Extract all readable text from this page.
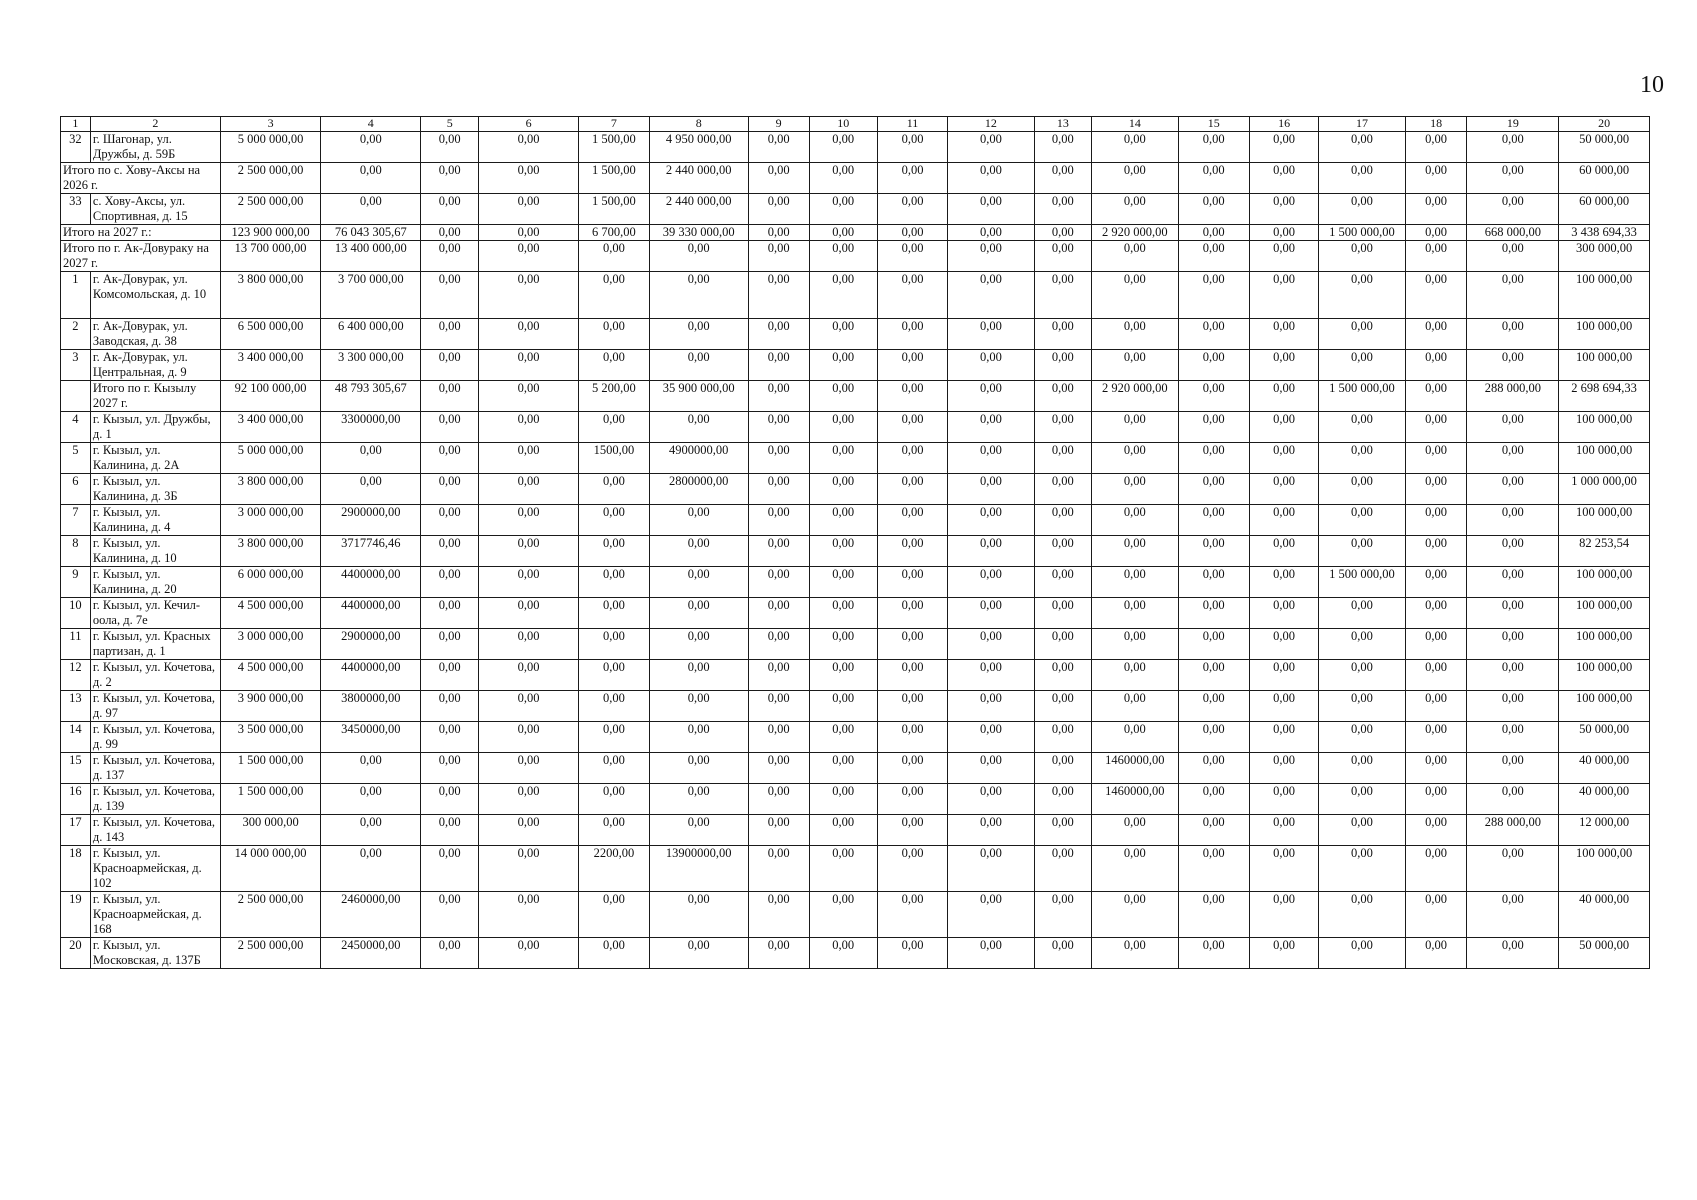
10
1	2	3	4	5	6	7	8	9	10	11	12	13	14	15	16	17	18	19	20
32	г. Шагонар, ул. Дружбы, д. 59Б	5 000 000,00	0,00	0,00	0,00	1 500,00	4 950 000,00	0,00	0,00	0,00	0,00	0,00	0,00	0,00	0,00	0,00	0,00	0,00	50 000,00
Итого по с. Хову-Аксы на 2026 г.		2 500 000,00	0,00	0,00	0,00	1 500,00	2 440 000,00	0,00	0,00	0,00	0,00	0,00	0,00	0,00	0,00	0,00	0,00	0,00	60 000,00
33	с. Хову-Аксы, ул. Спортивная, д. 15	2 500 000,00	0,00	0,00	0,00	1 500,00	2 440 000,00	0,00	0,00	0,00	0,00	0,00	0,00	0,00	0,00	0,00	0,00	0,00	60 000,00
Итого на 2027 г.:		123 900 000,00	76 043 305,67	0,00	0,00	6 700,00	39 330 000,00	0,00	0,00	0,00	0,00	0,00	2 920 000,00	0,00	0,00	1 500 000,00	0,00	668 000,00	3 438 694,33
Итого по г. Ак-Довураку на 2027 г.		13 700 000,00	13 400 000,00	0,00	0,00	0,00	0,00	0,00	0,00	0,00	0,00	0,00	0,00	0,00	0,00	0,00	0,00	0,00	300 000,00
1	г. Ак-Довурак, ул. Комсомольская, д. 10	3 800 000,00	3 700 000,00	0,00	0,00	0,00	0,00	0,00	0,00	0,00	0,00	0,00	0,00	0,00	0,00	0,00	0,00	0,00	100 000,00
2	г. Ак-Довурак, ул. Заводская, д. 38	6 500 000,00	6 400 000,00	0,00	0,00	0,00	0,00	0,00	0,00	0,00	0,00	0,00	0,00	0,00	0,00	0,00	0,00	0,00	100 000,00
3	г. Ак-Довурак, ул. Центральная, д. 9	3 400 000,00	3 300 000,00	0,00	0,00	0,00	0,00	0,00	0,00	0,00	0,00	0,00	0,00	0,00	0,00	0,00	0,00	0,00	100 000,00
	Итого по г. Кызылу 2027 г.	92 100 000,00	48 793 305,67	0,00	0,00	5 200,00	35 900 000,00	0,00	0,00	0,00	0,00	0,00	2 920 000,00	0,00	0,00	1 500 000,00	0,00	288 000,00	2 698 694,33
4	г. Кызыл, ул. Дружбы, д. 1	3 400 000,00	3300000,00	0,00	0,00	0,00	0,00	0,00	0,00	0,00	0,00	0,00	0,00	0,00	0,00	0,00	0,00	0,00	100 000,00
5	г. Кызыл, ул. Калинина, д. 2А	5 000 000,00	0,00	0,00	0,00	1500,00	4900000,00	0,00	0,00	0,00	0,00	0,00	0,00	0,00	0,00	0,00	0,00	0,00	100 000,00
6	г. Кызыл, ул. Калинина, д. 3Б	3 800 000,00	0,00	0,00	0,00	0,00	2800000,00	0,00	0,00	0,00	0,00	0,00	0,00	0,00	0,00	0,00	0,00	0,00	1 000 000,00
7	г. Кызыл, ул. Калинина, д. 4	3 000 000,00	2900000,00	0,00	0,00	0,00	0,00	0,00	0,00	0,00	0,00	0,00	0,00	0,00	0,00	0,00	0,00	0,00	100 000,00
8	г. Кызыл, ул. Калинина, д. 10	3 800 000,00	3717746,46	0,00	0,00	0,00	0,00	0,00	0,00	0,00	0,00	0,00	0,00	0,00	0,00	0,00	0,00	0,00	82 253,54
9	г. Кызыл, ул. Калинина, д. 20	6 000 000,00	4400000,00	0,00	0,00	0,00	0,00	0,00	0,00	0,00	0,00	0,00	0,00	0,00	0,00	1 500 000,00	0,00	0,00	100 000,00
10	г. Кызыл, ул. Кечил-оола, д. 7е	4 500 000,00	4400000,00	0,00	0,00	0,00	0,00	0,00	0,00	0,00	0,00	0,00	0,00	0,00	0,00	0,00	0,00	0,00	100 000,00
11	г. Кызыл, ул. Красных партизан, д. 1	3 000 000,00	2900000,00	0,00	0,00	0,00	0,00	0,00	0,00	0,00	0,00	0,00	0,00	0,00	0,00	0,00	0,00	0,00	100 000,00
12	г. Кызыл, ул. Кочетова, д. 2	4 500 000,00	4400000,00	0,00	0,00	0,00	0,00	0,00	0,00	0,00	0,00	0,00	0,00	0,00	0,00	0,00	0,00	0,00	100 000,00
13	г. Кызыл, ул. Кочетова, д. 97	3 900 000,00	3800000,00	0,00	0,00	0,00	0,00	0,00	0,00	0,00	0,00	0,00	0,00	0,00	0,00	0,00	0,00	0,00	100 000,00
14	г. Кызыл, ул. Кочетова, д. 99	3 500 000,00	3450000,00	0,00	0,00	0,00	0,00	0,00	0,00	0,00	0,00	0,00	0,00	0,00	0,00	0,00	0,00	0,00	50 000,00
15	г. Кызыл, ул. Кочетова, д. 137	1 500 000,00	0,00	0,00	0,00	0,00	0,00	0,00	0,00	0,00	0,00	0,00	1460000,00	0,00	0,00	0,00	0,00	0,00	40 000,00
16	г. Кызыл, ул. Кочетова, д. 139	1 500 000,00	0,00	0,00	0,00	0,00	0,00	0,00	0,00	0,00	0,00	0,00	1460000,00	0,00	0,00	0,00	0,00	0,00	40 000,00
17	г. Кызыл, ул. Кочетова, д. 143	300 000,00	0,00	0,00	0,00	0,00	0,00	0,00	0,00	0,00	0,00	0,00	0,00	0,00	0,00	0,00	0,00	288 000,00	12 000,00
18	г. Кызыл, ул. Красноармейская, д. 102	14 000 000,00	0,00	0,00	0,00	2200,00	13900000,00	0,00	0,00	0,00	0,00	0,00	0,00	0,00	0,00	0,00	0,00	0,00	100 000,00
19	г. Кызыл, ул. Красноармейская, д. 168	2 500 000,00	2460000,00	0,00	0,00	0,00	0,00	0,00	0,00	0,00	0,00	0,00	0,00	0,00	0,00	0,00	0,00	0,00	40 000,00
20	г. Кызыл, ул. Московская, д. 137Б	2 500 000,00	2450000,00	0,00	0,00	0,00	0,00	0,00	0,00	0,00	0,00	0,00	0,00	0,00	0,00	0,00	0,00	0,00	50 000,00
